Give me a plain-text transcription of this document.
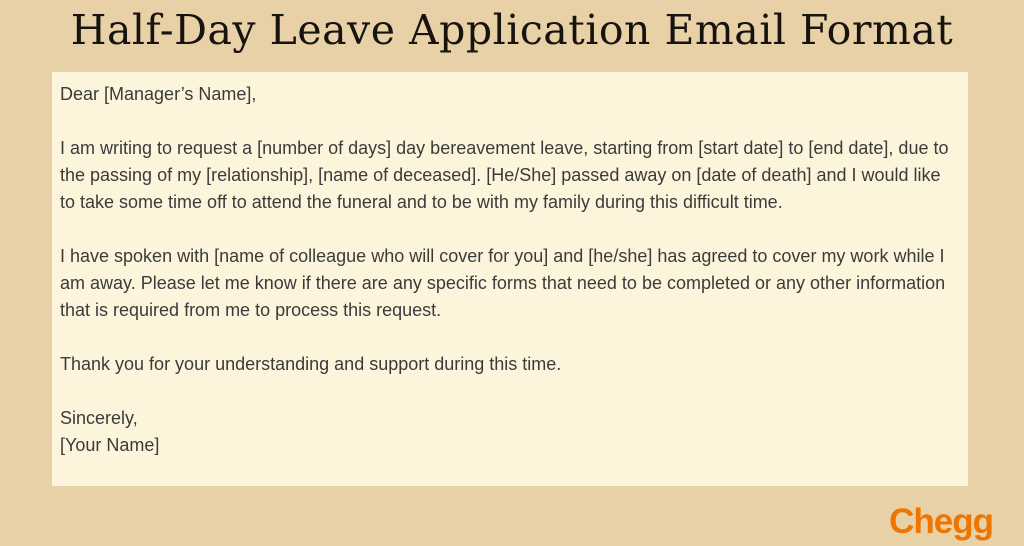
Half-Day Leave Application Email Format

Dear [Manager’s Name],

I am writing to request a [number of days] day bereavement leave, starting from [start date] to [end date], due to the passing of my [relationship], [name of deceased]. [He/She] passed away on [date of death] and I would like to take some time off to attend the funeral and to be with my family during this difficult time.

I have spoken with [name of colleague who will cover for you] and [he/she] has agreed to cover my work while I am away. Please let me know if there are any specific forms that need to be completed or any other information that is required from me to process this request.

Thank you for your understanding and support during this time.

Sincerely,
[Your Name]

Chegg
